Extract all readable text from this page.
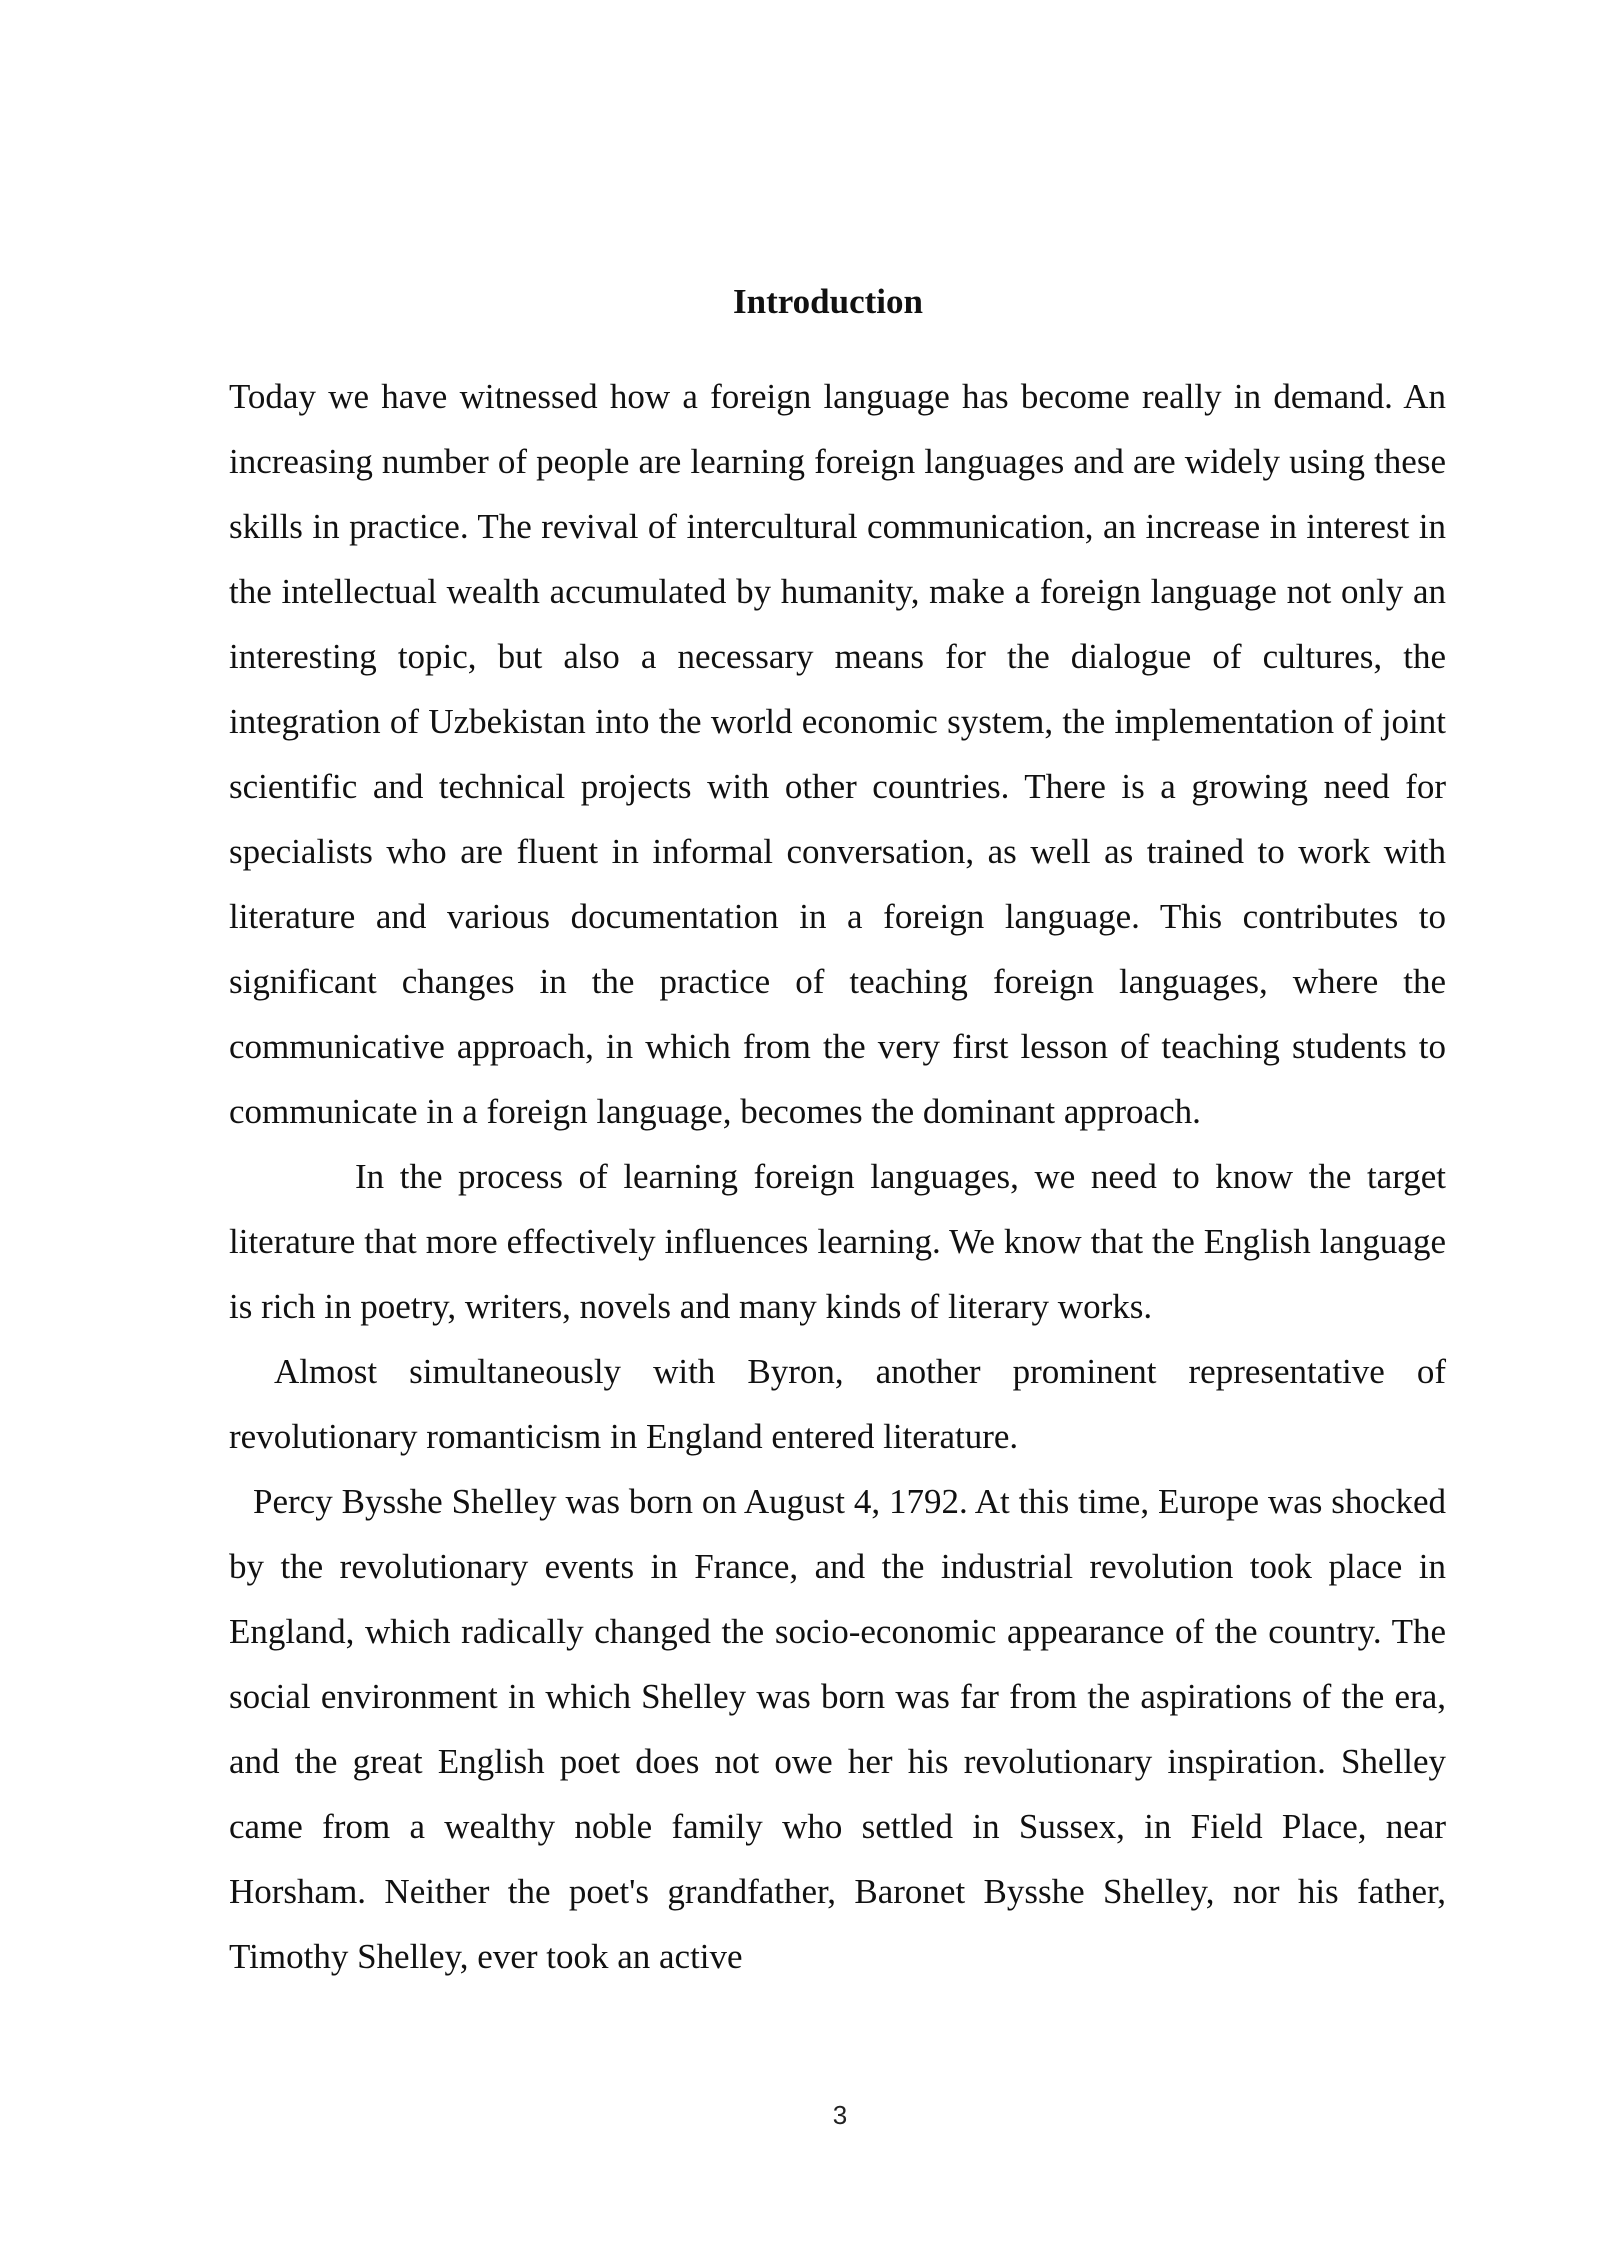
Introduction

Today we have witnessed how a foreign language has become really in demand. An increasing number of people are learning foreign languages and are widely using these skills in practice. The revival of intercultural communication, an increase in interest in the intellectual wealth accumulated by humanity, make a foreign language not only an interesting topic, but also a necessary means for the dialogue of cultures, the integration of Uzbekistan into the world economic system, the implementation of joint scientific and technical projects with other countries. There is a growing need for specialists who are fluent in informal conversation, as well as trained to work with literature and various documentation in a foreign language. This contributes to significant changes in the practice of teaching foreign languages, where the communicative approach, in which from the very first lesson of teaching students to communicate in a foreign language, becomes the dominant approach.

In the process of learning foreign languages, we need to know the target literature that more effectively influences learning. We know that the English language is rich in poetry, writers, novels and many kinds of literary works.

Almost simultaneously with Byron, another prominent representative of revolutionary romanticism in England entered literature.

Percy Bysshe Shelley was born on August 4, 1792. At this time, Europe was shocked by the revolutionary events in France, and the industrial revolution took place in England, which radically changed the socio-economic appearance of the country. The social environment in which Shelley was born was far from the aspirations of the era, and the great English poet does not owe her his revolutionary inspiration. Shelley came from a wealthy noble family who settled in Sussex, in Field Place, near Horsham. Neither the poet's grandfather, Baronet Bysshe Shelley, nor his father, Timothy Shelley, ever took an active

3
